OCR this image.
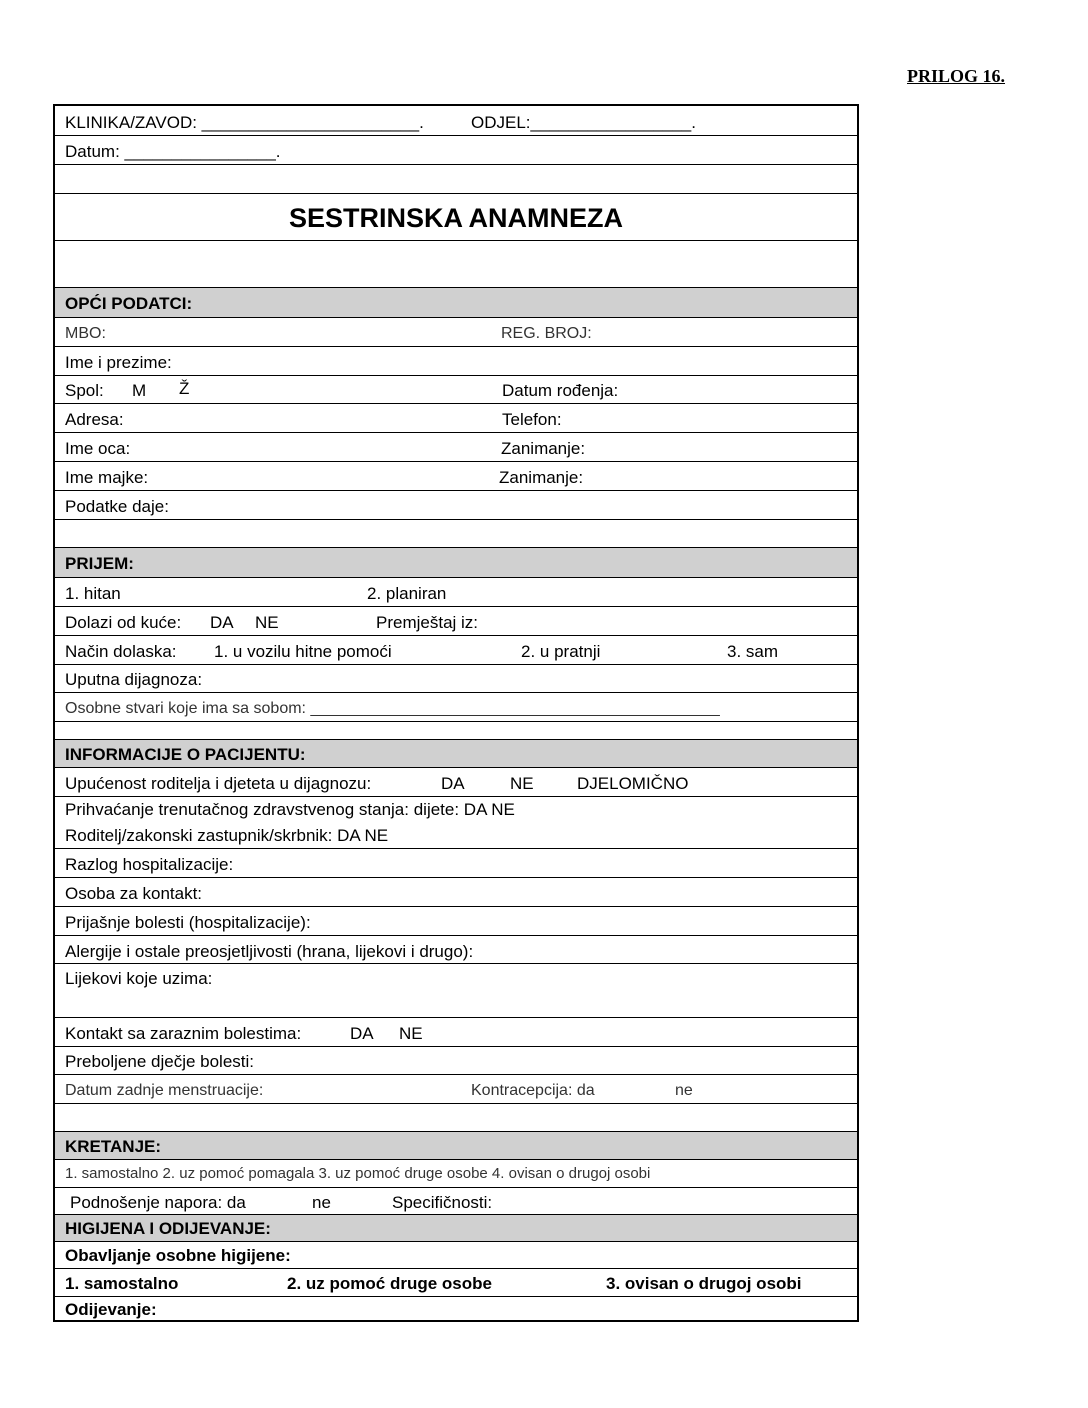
PRILOG 16.
KLINIKA/ZAVOD: _______________________.	ODJEL:_________________.
Datum: ________________.
SESTRINSKA ANAMNEZA
OPĆI PODATCI:
MBO:	REG. BROJ:
Ime i prezime:
Spol: M Ž	Datum rođenja:
Adresa:	Telefon:
Ime oca:	Zanimanje:
Ime majke:	Zanimanje:
Podatke daje:
PRIJEM:
1. hitan	2. planiran
Dolazi od kuće: DA NE	Premještaj iz:
Način dolaska: 1. u vozilu hitne pomoći	2. u pratnji	3. sam
Uputna dijagnoza:
Osobne stvari koje ima sa sobom: ______________________________________________
INFORMACIJE O PACIJENTU:
Upućenost roditelja i djeteta u dijagnozu:	DA	NE	DJELOMIČNO
Prihvaćanje trenutačnog zdravstvenog stanja: dijete: DA NE
Roditelj/zakonski zastupnik/skrbnik: DA NE
Razlog hospitalizacije:
Osoba za kontakt:
Prijašnje bolesti (hospitalizacije):
Alergije i ostale preosjetljivosti (hrana, lijekovi i drugo):
Lijekovi koje uzima:
Kontakt sa zaraznim bolestima:	DA NE
Preboljene dječje bolesti:
Datum zadnje menstruacije:	Kontracepcija: da	ne
KRETANJE:
1. samostalno 2. uz pomoć pomagala 3. uz pomoć druge osobe 4. ovisan o drugoj osobi
Podnošenje napora: da	ne	Specifičnosti:
HIGIJENA I ODIJEVANJE:
Obavljanje osobne higijene:
1. samostalno	2. uz pomoć druge osobe	3. ovisan o drugoj osobi
Odijevanje:
